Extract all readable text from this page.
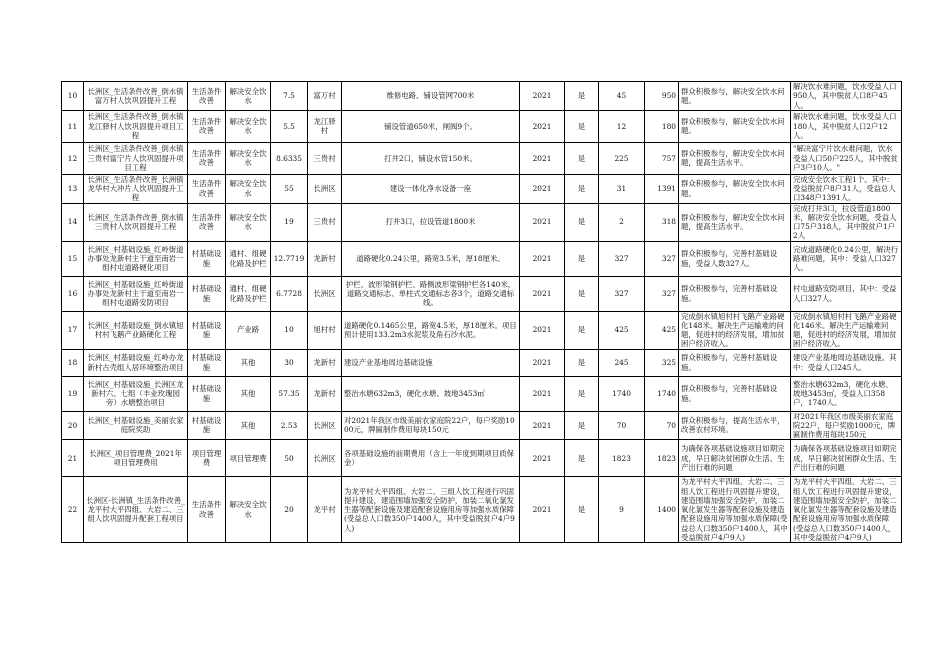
10	长洲区_生活条件改善_倒水镇富万村人饮巩固提升工程	生活条件改善	解决安全饮水	7.5	富万村	维修电路、铺设管网700米	2021	是	45	950	群众积极参与，解决安全饮水问题。	解决饮水难问题，饮水受益人口950人，其中脱贫人口8户45人。
11	长洲区_生活条件改善_倒水镇龙江驿村人饮巩固提升项目工程	生活条件改善	解决安全饮水	5.5	龙江驿村	铺设管道650米，闸阀9个。	2021	是	12	180	群众积极参与，解决安全饮水问题。	解决饮水难问题，饮水受益人口180人，其中脱贫人口2户12人。
12	长洲区_生活条件改善_倒水镇三贵村富宁片人饮巩固提升项目工程	生活条件改善	解决安全饮水	8.6335	三贵村	打井2口，铺设水管150米。	2021	是	225	757	群众积极参与，解决安全饮水问题，提高生活水平。	"解决富宁片饮水难问题，饮水受益人口50户225人，其中脱贫户3户10人。"
13	长洲区_生活条件改善_长洲镇龙华村大冲片人饮巩固提升工程	生活条件改善	解决安全饮水	55	长洲区	建设一体化净水设备一座	2021	是	31	1391	群众积极参与，解决安全饮水问题。	完成安全饮水工程1个。其中：受益脱贫户8户31人，受益总人口348户1391人。
14	长洲区_生活条件改善_倒水镇三贵村人饮巩固提升工程	生活条件改善	解决安全饮水	19	三贵村	打井3口，拉设管道1800米	2021	是	2	318	群众积极参与，解决安全饮水问题，提高生活水平。	完成打井3口，拉设管道1800米，解决安全饮水问题，受益人口75户318人，其中脱贫户1户2人
15	长洲区_村基础设施_红岭街道办事处龙新村主干道至南岩一组村屯道路硬化项目	村基础设施	通村、组硬化路及护栏	12.7719	龙新村	道路硬化0.24公里，路宽3.5米，厚18厘米。	2021	是	327	327	群众积极参与，完善村基础设施，受益人数327人。	完成道路硬化0.24公里，解决行路难问题，其中：受益人口327人。
16	长洲区_村基础设施_红岭街道办事处龙新村主干道至南岩一组村屯道路安防项目	村基础设施	通村、组硬化路及护栏	6.7728	长洲区	护栏、波形梁钢护栏、路侧波形梁钢护栏各140米，道路交通标志、单柱式交通标志各3个，道路交通标线。	2021	是	327	327	群众积极参与，完善村基础设施。	村屯道路安防项目，其中：受益人口327人。
17	长洲区_村基础设施_倒水镇旭村村飞鹅产业路硬化工程	村基础设施	产业路	10	旭村村	道路硬化0.1465公里，路宽4.5米，厚18厘米。项目预计使用133.2m3水泥浆及角石沙水泥。	2021	是	425	425	完成倒水镇旭村村飞鹅产业路硬化148米。解决生产运输难的问题，促进村的经济发展，增加贫困户经济收入。	完成倒水镇旭村村飞鹅产业路硬化146米。解决生产运输难问题，促进村的经济发展，增加贫困户经济收入。
18	长洲区_村基础设施_红岭办龙新村古壳组人居环境整治项目	村基础设施	其他	30	龙新村	建设产业基地周边基础设施	2021	是	245	325	群众积极参与，完善村基础设施。	建设产业基地周边基础设施。其中：受益人口245人。
19	长洲区_村基础设施_长洲区龙新村六、七组（丰业玫瑰园旁）水塘整治项目	村基础设施	其他	57.35	龙新村	整治水塘632m3，硬化水塘、坡地3453㎡	2021	是	1740	1740	群众积极参与，完善村基础设施。	整治水塘632m3，硬化水塘、坡地3453㎡，受益人口358户，1740人。
20	长洲区_村基础设施_美丽农家庭院奖助	村基础设施	其他	2.53	长洲区	对2021年我区市级美丽农家庭院22户，每户奖励1000元，牌匾制作费用每块150元	2021	是	70	70	群众积极参与，提高生活水平，改善农村环境。	对2021年我区市级美丽农家庭院22户，每户奖励1000元，牌匾制作费用每块150元
21	长洲区_项目管理费_2021年项目管理费用	项目管理费	项目管理费	50	长洲区	各项基础设施的前期费用（含上一年度到期项目质保金）	2021	是	1823	1823	为确保各项基础设施项目如期完成，早日解决贫困群众生活、生产出行难的问题	为确保各项基础设施项目如期完成，早日解决贫困群众生活、生产出行难的问题
22	长洲区-长洲镇_生活条件改善_龙平村大平四组、大岩二、三组人饮巩固提升配套工程项目	生活条件改善	解决安全饮水	20	龙平村	为龙平村大平四组、大岩二、三组人饮工程进行巩固提升建设，建造围墙加强安全防护，加装二氧化氯发生器等配套设施及建造配套设施用房等加强水质保障(受益总人口数350户1400人，其中受益脱贫户4户9人)	2021	是	9	1400	为龙平村大平四组、大岩二、三组人饮工程进行巩固提升建设，建造围墙加强安全防护，加装二氧化氯发生器等配套设施及建造配套设施用房等加强水质保障(受益总人口数350户1400人，其中受益脱贫户4户9人)	为龙平村大平四组、大岩二、三组人饮工程进行巩固提升建设，建造围墙加强安全防护，加装二氧化氯发生器等配套设施及建造配套设施用房等加强水质保障(受益总人口数350户1400人，其中受益脱贫户4户9人)
